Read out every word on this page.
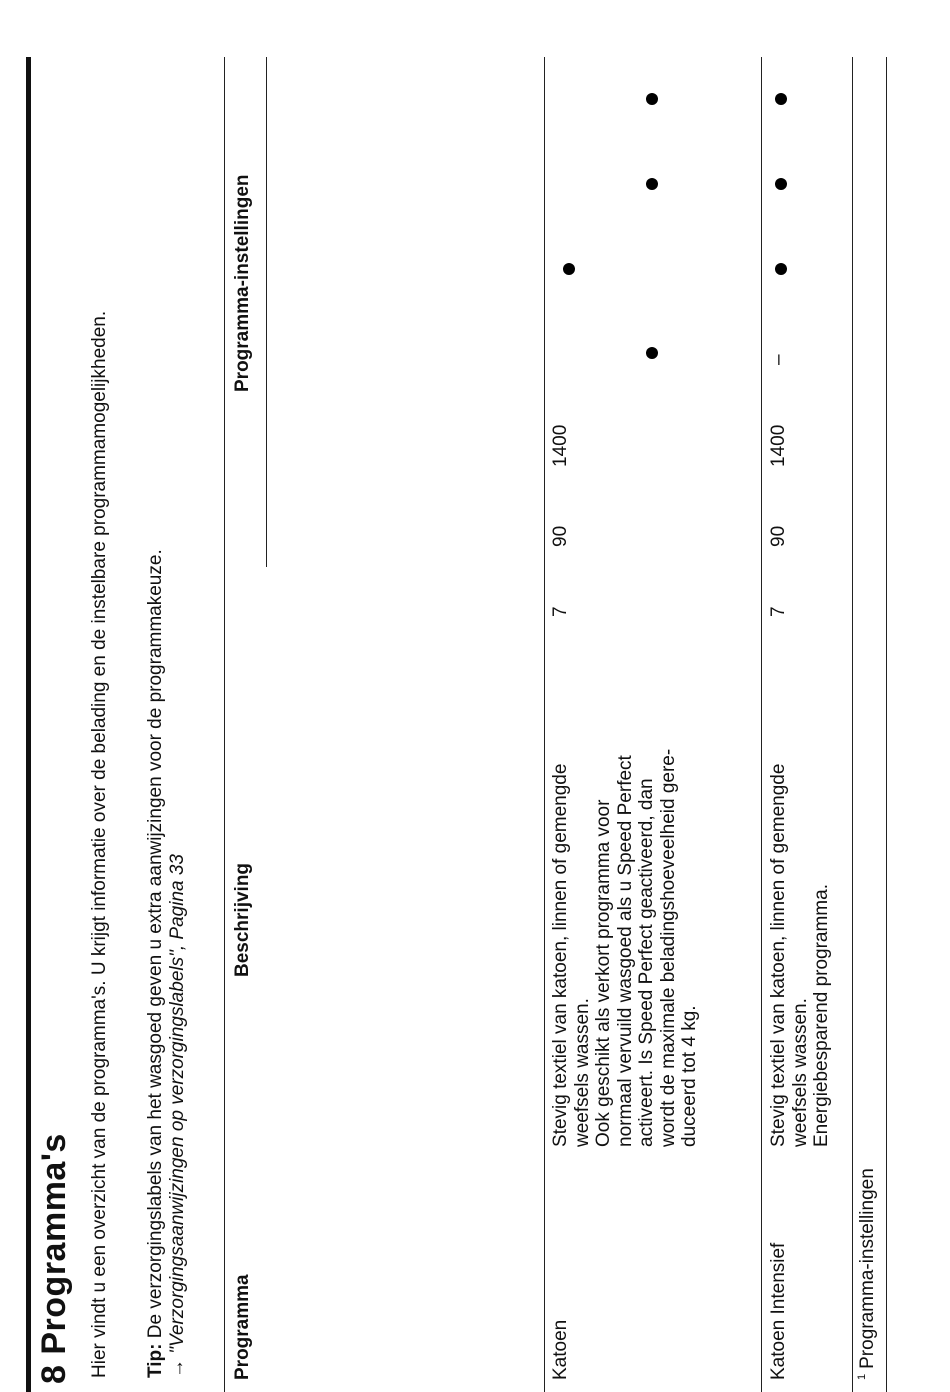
8 Programma's Hier vindt u een overzicht van de programma's. U krijgt informatie over de belading en de instelbare programmamogelijkheden. Tip: De verzorgingslabels van het wasgoed geven u extra aanwijzingen voor de programmakeuze.
→ "Verzorgingsaanwijzingen op verzorgingslabels", Pagina 33
Programma
Beschrijving
Programma-instellingen
Katoen
Stevig textiel van katoen, linnen of gemengde weefsels wassen.
Ook geschikt als verkort programma voor normaal vervuild wasgoed als u Speed Perfect activeert. Is Speed Perfect geactiveerd, dan wordt de maximale beladingshoeveelheid gereduceerd tot 4 kg.
7
90
1400
Katoen Intensief
Stevig textiel van katoen, linnen of gemengde weefsels wassen.
Energiebesparend programma.
7
90
1400
–
$^1$Programma-instellingen
